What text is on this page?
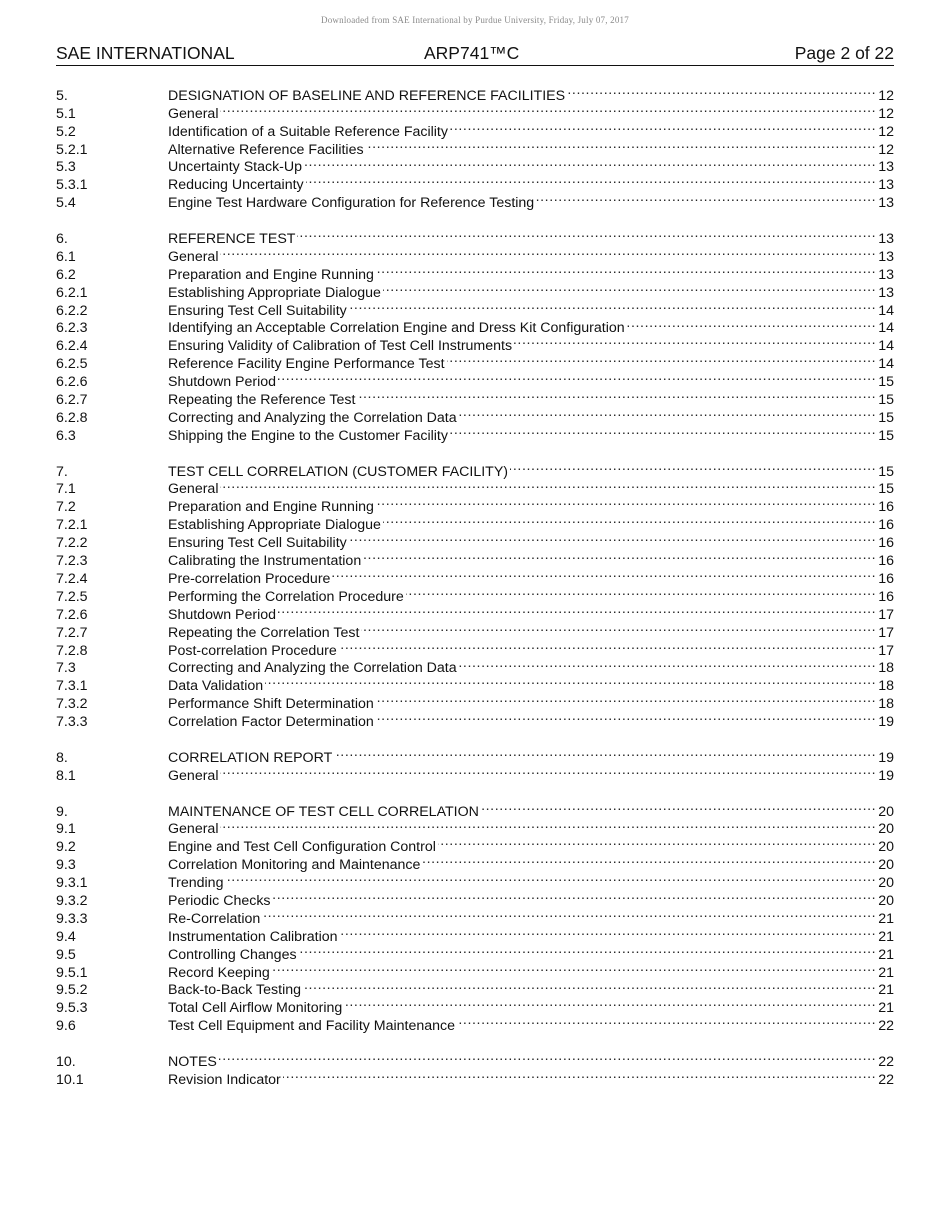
Downloaded from SAE International by Purdue University, Friday, July 07, 2017
SAE INTERNATIONAL	ARP741™C	Page 2 of 22
5.	DESIGNATION OF BASELINE AND REFERENCE FACILITIES .....	12
5.1	General .....	12
5.2	Identification of a Suitable Reference Facility .....	12
5.2.1	Alternative Reference Facilities .....	12
5.3	Uncertainty Stack-Up .....	13
5.3.1	Reducing Uncertainty .....	13
5.4	Engine Test Hardware Configuration for Reference Testing .....	13
6.	REFERENCE TEST .....	13
6.1	General .....	13
6.2	Preparation and Engine Running .....	13
6.2.1	Establishing Appropriate Dialogue .....	13
6.2.2	Ensuring Test Cell Suitability .....	14
6.2.3	Identifying an Acceptable Correlation Engine and Dress Kit Configuration .....	14
6.2.4	Ensuring Validity of Calibration of Test Cell Instruments .....	14
6.2.5	Reference Facility Engine Performance Test .....	14
6.2.6	Shutdown Period .....	15
6.2.7	Repeating the Reference Test .....	15
6.2.8	Correcting and Analyzing the Correlation Data .....	15
6.3	Shipping the Engine to the Customer Facility .....	15
7.	TEST CELL CORRELATION (CUSTOMER FACILITY) .....	15
7.1	General .....	15
7.2	Preparation and Engine Running .....	16
7.2.1	Establishing Appropriate Dialogue .....	16
7.2.2	Ensuring Test Cell Suitability .....	16
7.2.3	Calibrating the Instrumentation .....	16
7.2.4	Pre-correlation Procedure .....	16
7.2.5	Performing the Correlation Procedure .....	16
7.2.6	Shutdown Period .....	17
7.2.7	Repeating the Correlation Test .....	17
7.2.8	Post-correlation Procedure .....	17
7.3	Correcting and Analyzing the Correlation Data .....	18
7.3.1	Data Validation .....	18
7.3.2	Performance Shift Determination .....	18
7.3.3	Correlation Factor Determination .....	19
8.	CORRELATION REPORT .....	19
8.1	General .....	19
9.	MAINTENANCE OF TEST CELL CORRELATION .....	20
9.1	General .....	20
9.2	Engine and Test Cell Configuration Control .....	20
9.3	Correlation Monitoring and Maintenance .....	20
9.3.1	Trending .....	20
9.3.2	Periodic Checks .....	20
9.3.3	Re-Correlation .....	21
9.4	Instrumentation Calibration .....	21
9.5	Controlling Changes .....	21
9.5.1	Record Keeping .....	21
9.5.2	Back-to-Back Testing .....	21
9.5.3	Total Cell Airflow Monitoring .....	21
9.6	Test Cell Equipment and Facility Maintenance .....	22
10.	NOTES .....	22
10.1	Revision Indicator .....	22
